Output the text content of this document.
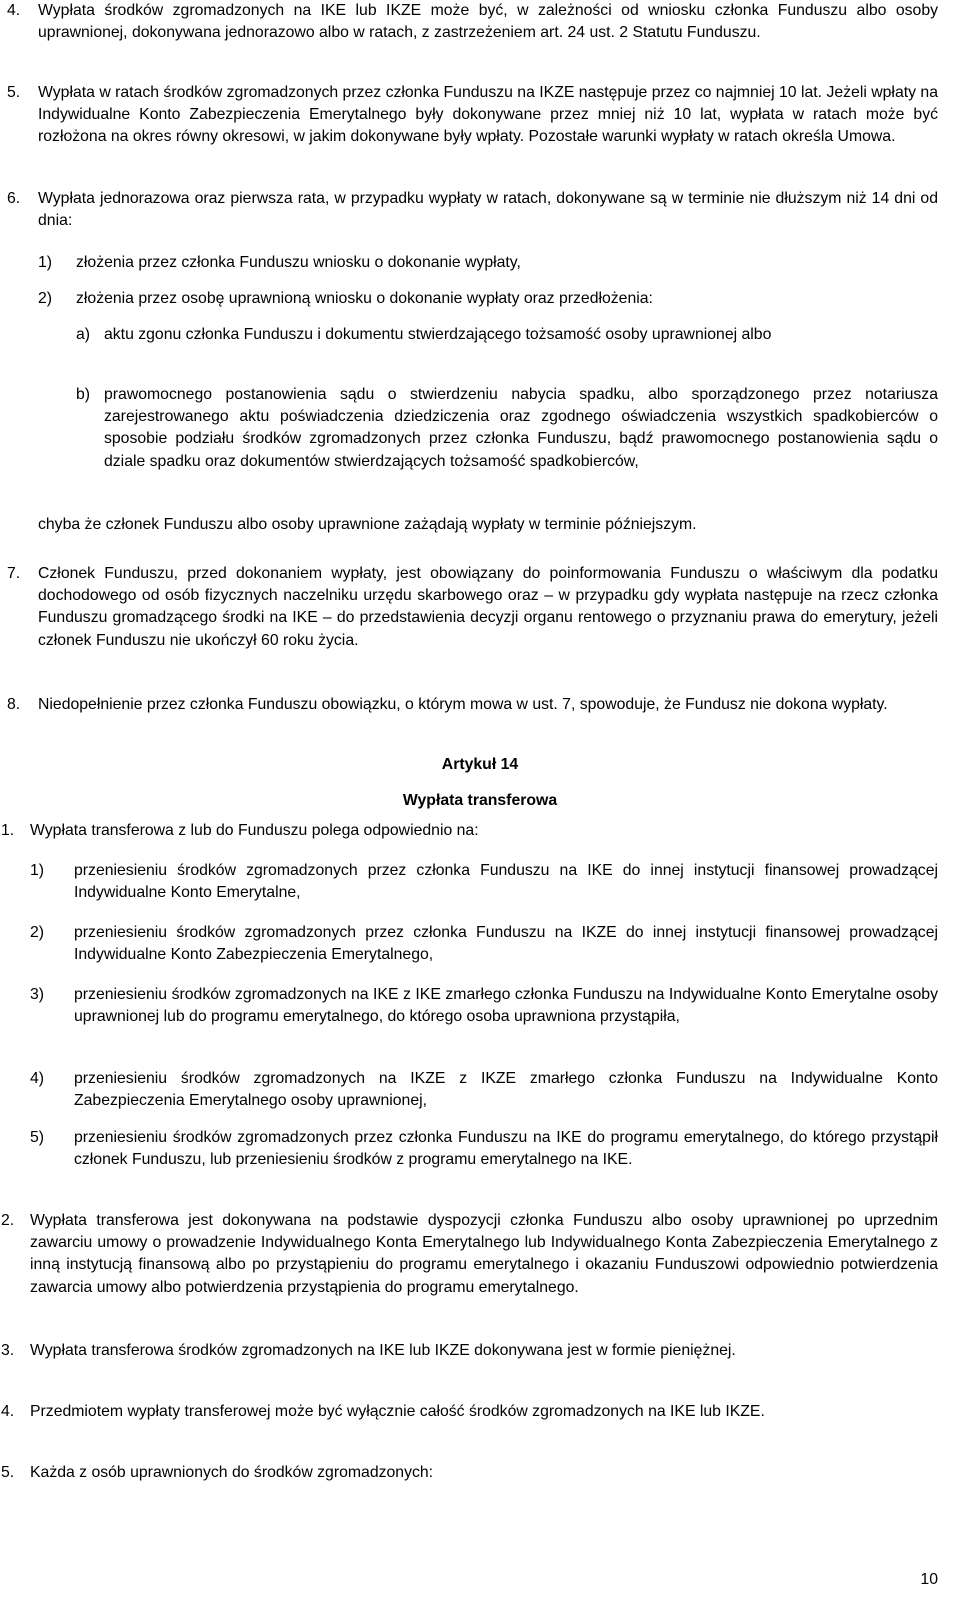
4. Wypłata środków zgromadzonych na IKE lub IKZE może być, w zależności od wniosku członka Funduszu albo osoby uprawnionej, dokonywana jednorazowo albo w ratach, z zastrzeżeniem art. 24 ust. 2 Statutu Funduszu.
5. Wypłata w ratach środków zgromadzonych przez członka Funduszu na IKZE następuje przez co najmniej 10 lat. Jeżeli wpłaty na Indywidualne Konto Zabezpieczenia Emerytalnego były dokonywane przez mniej niż 10 lat, wypłata w ratach może być rozłożona na okres równy okresowi, w jakim dokonywane były wpłaty. Pozostałe warunki wypłaty w ratach określa Umowa.
6. Wypłata jednorazowa oraz pierwsza rata, w przypadku wypłaty w ratach, dokonywane są w terminie nie dłuższym niż 14 dni od dnia:
1) złożenia przez członka Funduszu wniosku o dokonanie wypłaty,
2) złożenia przez osobę uprawnioną wniosku o dokonanie wypłaty oraz przedłożenia:
a) aktu zgonu członka Funduszu i dokumentu stwierdzającego tożsamość osoby uprawnionej albo
b) prawomocnego postanowienia sądu o stwierdzeniu nabycia spadku, albo sporządzonego przez notariusza zarejestrowanego aktu poświadczenia dziedziczenia oraz zgodnego oświadczenia wszystkich spadkobierców o sposobie podziału środków zgromadzonych przez członka Funduszu, bądź prawomocnego postanowienia sądu o dziale spadku oraz dokumentów stwierdzających tożsamość spadkobierców,
chyba że członek Funduszu albo osoby uprawnione zażądają wypłaty w terminie późniejszym.
7. Członek Funduszu, przed dokonaniem wypłaty, jest obowiązany do poinformowania Funduszu o właściwym dla podatku dochodowego od osób fizycznych naczelniku urzędu skarbowego oraz – w przypadku gdy wypłata następuje na rzecz członka Funduszu gromadzącego środki na IKE – do przedstawienia decyzji organu rentowego o przyznaniu prawa do emerytury, jeżeli członek Funduszu nie ukończył 60 roku życia.
8. Niedopełnienie przez członka Funduszu obowiązku, o którym mowa w ust. 7, spowoduje, że Fundusz nie dokona wypłaty.
Artykuł 14
Wypłata transferowa
1. Wypłata transferowa z lub do Funduszu polega odpowiednio na:
1) przeniesieniu środków zgromadzonych przez członka Funduszu na IKE do innej instytucji finansowej prowadzącej Indywidualne Konto Emerytalne,
2) przeniesieniu środków zgromadzonych przez członka Funduszu na IKZE do innej instytucji finansowej prowadzącej Indywidualne Konto Zabezpieczenia Emerytalnego,
3) przeniesieniu środków zgromadzonych na IKE z IKE zmarłego członka Funduszu na Indywidualne Konto Emerytalne osoby uprawnionej lub do programu emerytalnego, do którego osoba uprawniona przystąpiła,
4) przeniesieniu środków zgromadzonych na IKZE z IKZE zmarłego członka Funduszu na Indywidualne Konto Zabezpieczenia Emerytalnego osoby uprawnionej,
5) przeniesieniu środków zgromadzonych przez członka Funduszu na IKE do programu emerytalnego, do którego przystąpił członek Funduszu, lub przeniesieniu środków z programu emerytalnego na IKE.
2. Wypłata transferowa jest dokonywana na podstawie dyspozycji członka Funduszu albo osoby uprawnionej po uprzednim zawarciu umowy o prowadzenie Indywidualnego Konta Emerytalnego lub Indywidualnego Konta Zabezpieczenia Emerytalnego z inną instytucją finansową albo po przystąpieniu do programu emerytalnego i okazaniu Funduszowi odpowiednio potwierdzenia zawarcia umowy albo potwierdzenia przystąpienia do programu emerytalnego.
3. Wypłata transferowa środków zgromadzonych na IKE lub IKZE dokonywana jest w formie pieniężnej.
4. Przedmiotem wypłaty transferowej może być wyłącznie całość środków zgromadzonych na IKE lub IKZE.
5. Każda z osób uprawnionych do środków zgromadzonych:
10
